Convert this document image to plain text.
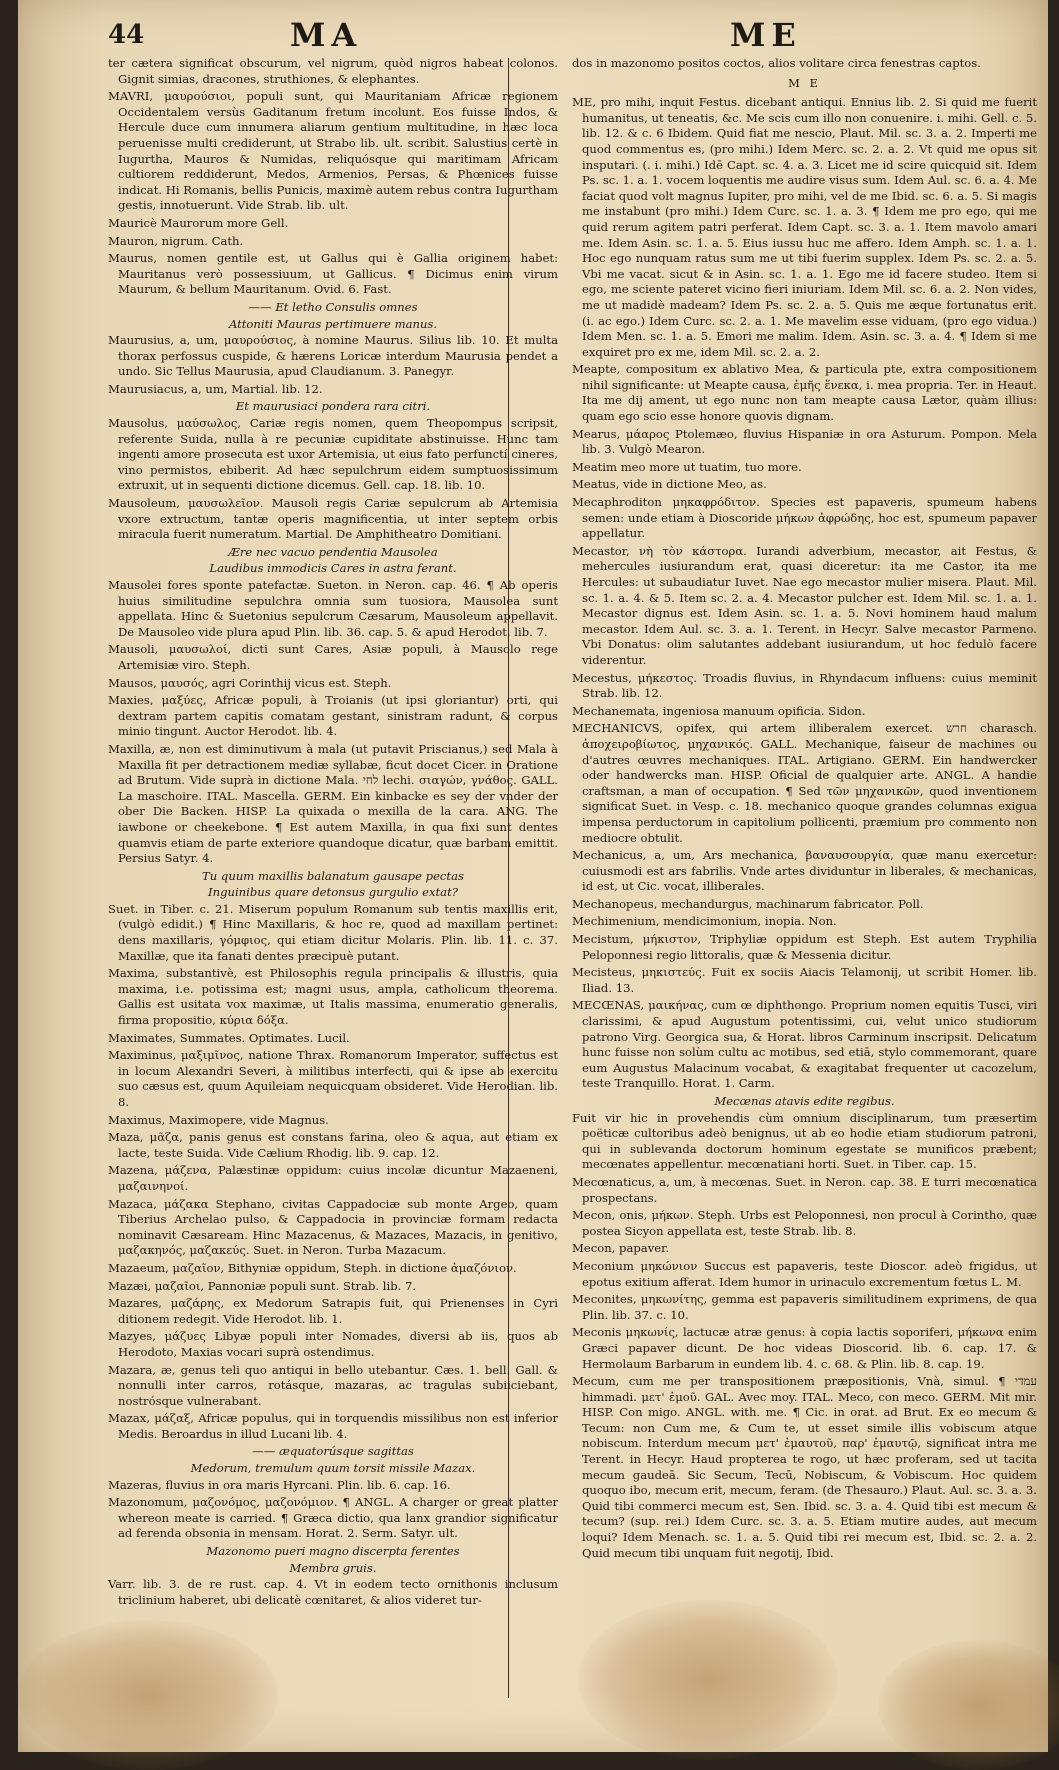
44	MA	ME
ter cætera significat obscurum, vel nigrum, quòd nigros habeat colonos. Gignit simias, dracones, struthiones, & elephantes.
MAVRI, μαυρούσιοι, populi sunt, qui Mauritaniam Africæ regionem Occidentalem versùs Gaditanum fretum incolunt. Eos fuisse Indos, & Hercule duce cum innumera aliarum gentium multitudine, in hæc loca peruenisse multi crediderunt, ut Strabo lib. ult. scribit. Salustius certè in Iugurtha, Mauros & Numidas, reliquósque qui maritimam Africam cultiorem reddiderunt, Medos, Armenios, Persas, & Phœnices fuisse indicat. Hi Romanis, bellis Punicis, maximè autem rebus contra Iugurtham gestis, innotuerunt. Vide Strab. lib. ult.
Mauricè Maurorum more Gell.
Mauron, nigrum. Cath.
Maurus, nomen gentile est, ut Gallus qui è Gallia originem habet: Mauritanus verò possessiuum, ut Gallicus. ¶ Dicimus enim virum Maurum, & bellum Mauritanum. Ovid. 6. Fast.
—— Et letho Consulis omnes
Attoniti Mauras pertimuere manus.
Maurusius, a, um, μαυρούσιος, à nomine Maurus. Silius lib. 10. Et multa thorax perfossus cuspide, & hærens Loricæ interdum Maurusia pendet a undo. Sic Tellus Maurusia, apud Claudianum. 3. Panegyr.
Maurusiacus, a, um, Martial. lib. 12.
Et maurusiaci pondera rara citri.
Mausolus, μαύσωλος, Cariæ regis nomen, quem Theopompus scripsit, referente Suida, nulla à re pecuniæ cupiditate abstinuisse. Hunc tam ingenti amore prosecuta est uxor Artemisia, ut eius fato perfunctí cineres, vino permistos, ebiberit. Ad hæc sepulchrum eidem sumptuosissimum extruxit, ut in sequenti dictione dicemus. Gell. cap. 18. lib. 10.
Mausoleum, μαυσωλεῖον. Mausoli regis Cariæ sepulcrum ab Artemisia vxore extructum, tantæ operis magnificentia, ut inter septem orbis miracula fuerit numeratum. Martial. De Amphitheatro Domitiani.
Ære nec vacuo pendentia Mausolea
Laudibus immodicis Cares in astra ferant.
Mausolei fores sponte patefactæ. Sueton. in Neron. cap. 46. ¶ Ab operis huius similitudine sepulchra omnia sum tuosiora, Mausolea sunt appellata. Hinc & Suetonius sepulcrum Cæsarum, Mausoleum appellavit. De Mausoleo vide plura apud Plin. lib. 36. cap. 5. & apud Herodot. lib. 7.
Mausoli, μαυσωλοί, dicti sunt Cares, Asiæ populi, à Mausolo rege Artemisiæ viro. Steph.
Mausos, μαυσός, agri Corinthij vicus est. Steph.
Maxies, μαξύες, Africæ populi, à Troianis (ut ipsi gloriantur) orti, qui dextram partem capitis comatam gestant, sinistram radunt, & corpus minio tingunt. Auctor Herodot. lib. 4.
Maxilla, æ, non est diminutivum à mala (ut putavit Priscianus,) sed Mala à Maxilla fit per detractionem mediæ syllabæ, ficut docet Cicer. in Oratione ad Brutum. Vide suprà in dictione Mala. לחי lechi. σιαγών, γνάθος. GALL. La maschoire. ITAL. Mascella. GERM. Ein kinbacke es sey der vnder der ober Die Backen. HISP. La quixada o mexilla de la cara. ANG. The iawbone or cheekebone. ¶ Est autem Maxilla, in qua fixi sunt dentes quamvis etiam de parte exteriore quandoque dicatur, quæ barbam emittit. Persius Satyr. 4.
Tu quum maxillis balanatum gausape pectas
Inguinibus quare detonsus gurgulio extat?
Suet. in Tiber. c. 21. Miserum populum Romanum sub tentis maxillis erit, (vulgò edidit.) ¶ Hinc Maxillaris, & hoc re, quod ad maxillam pertinet: dens maxillaris, γόμφιος, qui etiam dicitur Molaris. Plin. lib. 11. c. 37. Maxillæ, que ita fanati dentes præcipuè putant.
Maxima, substantivè, est Philosophis regula principalis & illustris, quia maxima, i.e. potissima est; magni usus, ampla, catholicum theorema. Gallis est usitata vox maximæ, ut Italis massima, enumeratio generalis, firma propositio, κύρια δόξα.
Maximates, Summates. Optimates. Lucil.
Maximinus, μαξιμῖνος, natione Thrax. Romanorum Imperator, suffectus est in locum Alexandri Severi, à militibus interfecti, qui & ipse ab exercitu suo cæsus est, quum Aquileiam nequicquam obsideret. Vide Herodian. lib. 8.
Maximus, Maximopere, vide Magnus.
Maza, μᾶζα, panis genus est constans farina, oleo & aqua, aut etiam ex lacte, teste Suida. Vide Cælium Rhodig. lib. 9. cap. 12.
Mazena, μάζενα, Palæstinæ oppidum: cuius incolæ dicuntur Mazaeneni, μαζαινηνοί.
Mazaca, μάζακα Stephano, civitas Cappadociæ sub monte Argeo, quam Tiberius Archelao pulso, & Cappadocia in provinciæ formam redacta nominavit Cæsaream. Hinc Mazacenus, & Mazaces, Mazacis, in genitivo, μαζακηνός, μαζακεύς. Suet. in Neron. Turba Mazacum.
Mazaeum, μαζαῖον, Bithyniæ oppidum, Steph. in dictione ἀμαζόνιον.
Mazæi, μαζαῖοι, Pannoniæ populi sunt. Strab. lib. 7.
Mazares, μαζάρης, ex Medorum Satrapis fuit, qui Prienenses in Cyri ditionem redegit. Vide Herodot. lib. 1.
Mazyes, μάζυες Libyæ populi inter Nomades, diversi ab iis, quos ab Herodoto, Maxias vocari suprà ostendimus.
Mazara, æ, genus teli quo antiqui in bello utebantur. Cæs. 1. bell. Gall. & nonnulli inter carros, rotásque, mazaras, ac tragulas subiiciebant, nostrósque vulnerabant.
Mazax, μάζαξ, Africæ populus, qui in torquendis missilibus non est inferior Medis. Beroardus in illud Lucani lib. 4.
—— æquatorúsque sagittas
Medorum, tremulum quum torsit missile Mazax.
Mazeras, fluvius in ora maris Hyrcani. Plin. lib. 6. cap. 16.
Mazonomum, μαζονόμος, μαζονόμιον. ¶ ANGL. A charger or great platter whereon meate is carried. ¶ Græca dictio, qua lanx grandior significatur ad ferenda obsonia in mensam. Horat. 2. Serm. Satyr. ult.
Mazonomo pueri magno discerpta ferentes
Membra gruis.
Varr. lib. 3. de re rust. cap. 4. Vt in eodem tecto ornithonis inclusum triclinium haberet, ubi delicatè cœnitaret, & alios videret tur-
dos in mazonomo positos coctos, alios volitare circa fenestras captos.
M E
ME, pro mihi, inquit Festus. dicebant antiqui. Ennius lib. 2. Si quid me fuerit humanitus, ut teneatis, &c. Me scis cum illo non conuenire. i. mihi. Gell. c. 5. lib. 12. & c. 6 Ibidem. Quid fiat me nescio, Plaut. Mil. sc. 3. a. 2. Imperti me quod commentus es, (pro mihi.) Idem Merc. sc. 2. a. 2. Vt quid me opus sit insputari. (. i. mihi.) Idē Capt. sc. 4. a. 3. Licet me id scire quicquid sit. Idem Ps. sc. 1. a. 1. vocem loquentis me audire visus sum. Idem Aul. sc. 6. a. 4. Me faciat quod volt magnus Iupiter, pro mihi, vel de me Ibid. sc. 6. a. 5. Si magis me instabunt (pro mihi.) Idem Curc. sc. 1. a. 3. ¶ Idem me pro ego, qui me quid rerum agitem patri perferat. Idem Capt. sc. 3. a. 1. Item mavolo amari me. Idem Asin. sc. 1. a. 5. Eius iussu huc me affero. Idem Amph. sc. 1. a. 1. Hoc ego nunquam ratus sum me ut tibi fuerim supplex. Idem Ps. sc. 2. a. 5. Vbi me vacat. sicut & in Asin. sc. 1. a. 1. Ego me id facere studeo. Item si ego, me sciente pateret vicino fieri iniuriam. Idem Mil. sc. 6. a. 2. Non vides, me ut madidè madeam? Idem Ps. sc. 2. a. 5. Quis me æque fortunatus erit. (i. ac ego.) Idem Curc. sc. 2. a. 1. Me mavelim esse viduam, (pro ego vidua.) Idem Men. sc. 1. a. 5. Emori me malim. Idem. Asin. sc. 3. a. 4. ¶ Idem si me exquiret pro ex me, idem Mil. sc. 2. a. 2.
Meapte, compositum ex ablativo Mea, & particula pte, extra compositionem nihil significante: ut Meapte causa, ἐμῆς ἕνεκα, i. mea propria. Ter. in Heaut. Ita me dij ament, ut ego nunc non tam meapte causa Lætor, quàm illius: quam ego scio esse honore quovis dignam.
Mearus, μάαρος Ptolemæo, fluvius Hispaniæ in ora Asturum. Pompon. Mela lib. 3. Vulgò Mearon.
Meatim meo more ut tuatim, tuo more.
Meatus, vide in dictione Meo, as.
Mecaphroditon μηκαφρόδιτον. Species est papaveris, spumeum habens semen: unde etiam à Dioscoride μήκων ἀφρώδης, hoc est, spumeum papaver appellatur.
Mecastor, νὴ τὸν κάστορα. Iurandi adverbium, mecastor, ait Festus, & mehercules iusiurandum erat, quasi diceretur: ita me Castor, ita me Hercules: ut subaudiatur Iuvet. Nae ego mecastor mulier misera. Plaut. Mil. sc. 1. a. 4. & 5. Item sc. 2. a. 4. Mecastor pulcher est. Idem Mil. sc. 1. a. 1. Mecastor dignus est. Idem Asin. sc. 1. a. 5. Novi hominem haud malum mecastor. Idem Aul. sc. 3. a. 1. Terent. in Hecyr. Salve mecastor Parmeno. Vbi Donatus: olim salutantes addebant iusiurandum, ut hoc fedulò facere viderentur.
Mecestus, μήκεστος. Troadis fluvius, in Rhyndacum influens: cuius meminit Strab. lib. 12.
Mechanemata, ingeniosa manuum opificia. Sidon.
MECHANICVS, opifex, qui artem illiberalem exercet. חרש charasch. ἀποχειροβίωτος, μηχανικός. GALL. Mechanique, faiseur de machines ou d'autres œuvres mechaniques. ITAL. Artigiano. GERM. Ein handwercker oder handwercks man. HISP. Oficial de qualquier arte. ANGL. A handie craftsman, a man of occupation. ¶ Sed τῶν μηχανικῶν, quod inventionem significat Suet. in Vesp. c. 18. mechanico quoque grandes columnas exigua impensa perductorum in capitolium pollicenti, præmium pro commento non mediocre obtulit.
Mechanicus, a, um, Ars mechanica, βαναυσουργία, quæ manu exercetur: cuiusmodi est ars fabrilis. Vnde artes dividuntur in liberales, & mechanicas, id est, ut Cic. vocat, illiberales.
Mechanopeus, mechandurgus, machinarum fabricator. Poll.
Mechimenium, mendicimonium, inopia. Non.
Mecistum, μήκιστον, Triphyliæ oppidum est Steph. Est autem Tryphilia Peloponnesi regio littoralis, quæ & Messenia dicitur.
Mecisteus, μηκιστεύς. Fuit ex sociis Aiacis Telamonij, ut scribit Homer. lib. Iliad. 13.
MECŒNAS, μαικήνας, cum œ diphthongo. Proprium nomen equitis Tusci, viri clarissimi, & apud Augustum potentissimi, cui, velut unico studiorum patrono Virg. Georgica sua, & Horat. libros Carminum inscripsit. Delicatum hunc fuisse non solùm cultu ac motibus, sed etiā, stylo commemorant, quare eum Augustus Malacinum vocabat, & exagitabat frequenter ut cacozelum, teste Tranquillo. Horat. 1. Carm.
Mecœnas atavis edite regibus.
Fuit vir hic in provehendis cùm omnium disciplinarum, tum præsertim poëticæ cultoribus adeò benignus, ut ab eo hodie etiam studiorum patroni, qui in sublevanda doctorum hominum egestate se munificos præbent; mecœnates appellentur. mecœnatiani horti. Suet. in Tiber. cap. 15.
Mecœnaticus, a, um, à mecœnas. Suet. in Neron. cap. 38. E turri mecœnatica prospectans.
Mecon, onis, μήκων. Steph. Urbs est Peloponnesi, non procul à Corintho, quæ postea Sicyon appellata est, teste Strab. lib. 8.
Mecon, papaver.
Meconium μηκώνιον Succus est papaveris, teste Dioscor. adeò frigidus, ut epotus exitium afferat. Idem humor in urinaculo excrementum fœtus L. M.
Meconites, μηκωνίτης, gemma est papaveris similitudinem exprimens, de qua Plin. lib. 37. c. 10.
Meconis μηκωνίς, lactucæ atræ genus: à copia lactis soporiferi, μήκωνα enim Græci papaver dicunt. De hoc videas Dioscorid. lib. 6. cap. 17. & Hermolaum Barbarum in eundem lib. 4. c. 68. & Plin. lib. 8. cap. 19.
Mecum, cum me per transpositionem præpositionis, Vnà, simul. ¶ עמדי himmadi. μετ' ἐμοῦ. GAL. Avec moy. ITAL. Meco, con meco. GERM. Mit mir. HISP. Con migo. ANGL. with. me. ¶ Cic. in orat. ad Brut. Ex eo mecum & Tecum: non Cum me, & Cum te, ut esset simile illis vobiscum atque nobiscum. Interdum mecum μετ' ἐμαυτοῦ, παρ' ἐμαυτῷ, significat intra me Terent. in Hecyr. Haud propterea te rogo, ut hæc proferam, sed ut tacita mecum gaudeā. Sic Secum, Tecū, Nobiscum, & Vobiscum. Hoc quidem quoquo ibo, mecum erit, mecum, feram. (de Thesauro.) Plaut. Aul. sc. 3. a. 3. Quid tibi commerci mecum est, Sen. Ibid. sc. 3. a. 4. Quid tibi est mecum & tecum? (sup. rei.) Idem Curc. sc. 3. a. 5. Etiam mutire audes, aut mecum loqui? Idem Menach. sc. 1. a. 5. Quid tibi rei mecum est, Ibid. sc. 2. a. 2. Quid mecum tibi unquam fuit negotij, Ibid.
